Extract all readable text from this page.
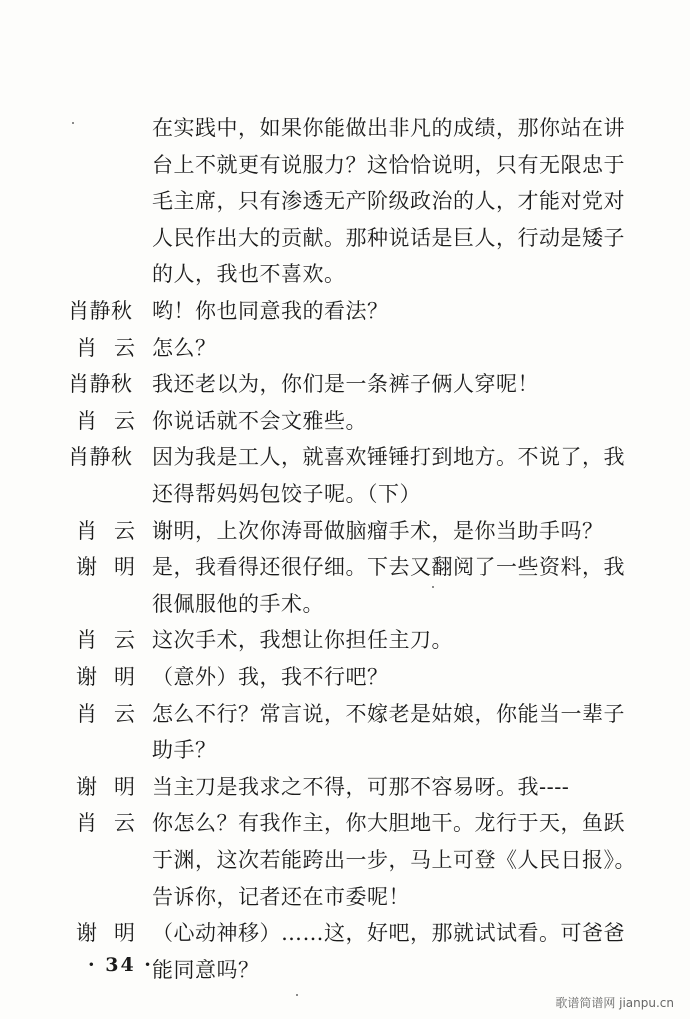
在实践中，如果你能做出非凡的成绩，那你站在讲
台上不就更有说服力？这恰恰说明，只有无限忠于
毛主席，只有渗透无产阶级政治的人，才能对党对
人民作出大的贡献。那种说话是巨人，行动是矮子
的人，我也不喜欢。
肖静秋 哟！你也同意我的看法？
肖云 怎么？
肖静秋 我还老以为，你们是一条裤子俩人穿呢！
肖云 你说话就不会文雅些。
肖静秋 因为我是工人，就喜欢锤锤打到地方。不说了，我
还得帮妈妈包饺子呢。（下）
肖云 谢明，上次你涛哥做脑瘤手术，是你当助手吗？
谢明 是，我看得还很仔细。下去又翻阅了一些资料，我
很佩服他的手术。
肖云 这次手术，我想让你担任主刀。
谢明 （意外）我，我不行吧？
肖云 怎么不行？常言说，不嫁老是姑娘，你能当一辈子
助手？
谢明 当主刀是我求之不得，可那不容易呀。我----
肖云 你怎么？有我作主，你大胆地干。龙行于天，鱼跃
于渊，这次若能跨出一步，马上可登《人民日报》。
告诉你，记者还在市委呢！
谢明 （心动神移）……这，好吧，那就试试看。可爸爸
能同意吗？
· 34 ·
歌谱简谱网 jianpu.cn
